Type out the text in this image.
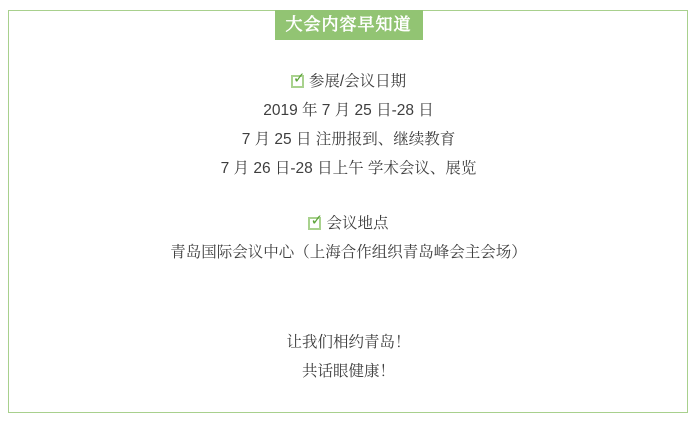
大会内容早知道
✓ 参展/会议日期
2019 年 7 月 25 日-28 日
7 月 25 日 注册报到、继续教育
7 月 26 日-28 日上午 学术会议、展览
✓ 会议地点
青岛国际会议中心（上海合作组织青岛峰会主会场）
让我们相约青岛！
共话眼健康！
